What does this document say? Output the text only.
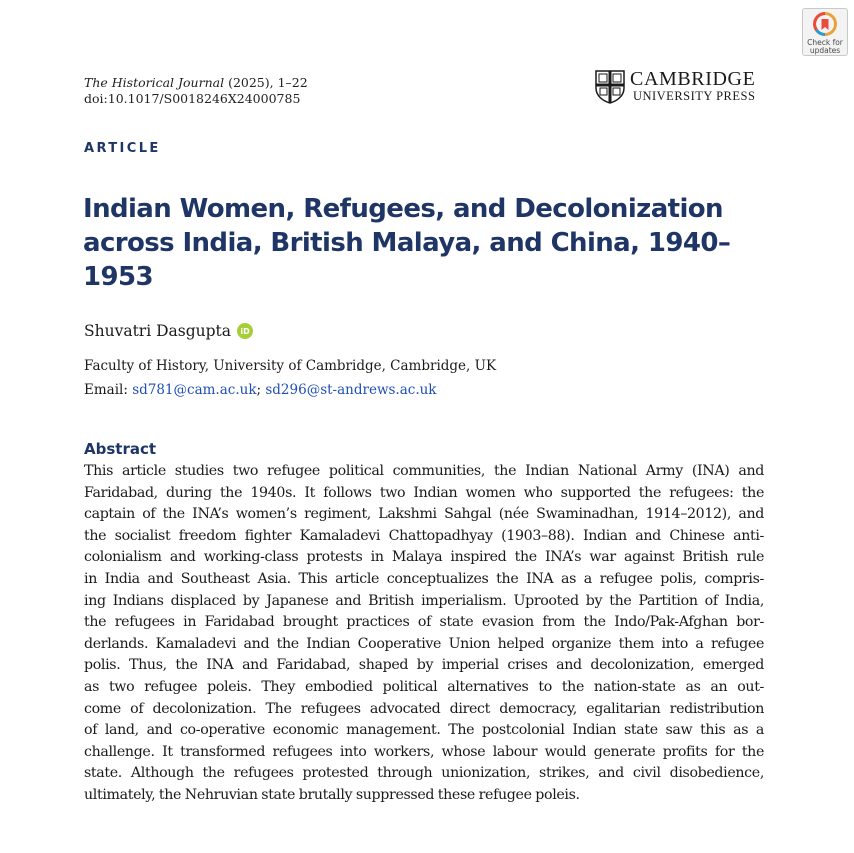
Check for
updates
The Historical Journal (2025), 1–22
doi:10.1017/S0018246X24000785
CAMBRIDGE
UNIVERSITY PRESS
ARTICLE
Indian Women, Refugees, and Decolonization across India, British Malaya, and China, 1940–1953
Shuvatri Dasgupta	iD
Faculty of History, University of Cambridge, Cambridge, UK
Email: sd781@cam.ac.uk; sd296@st-andrews.ac.uk
Abstract
This article studies two refugee political communities, the Indian National Army (INA) and
Faridabad, during the 1940s. It follows two Indian women who supported the refugees: the
captain of the INA’s women’s regiment, Lakshmi Sahgal (née Swaminadhan, 1914–2012), and
the socialist freedom fighter Kamaladevi Chattopadhyay (1903–88). Indian and Chinese anti-
colonialism and working-class protests in Malaya inspired the INA’s war against British rule
in India and Southeast Asia. This article conceptualizes the INA as a refugee polis, compris-
ing Indians displaced by Japanese and British imperialism. Uprooted by the Partition of India,
the refugees in Faridabad brought practices of state evasion from the Indo/Pak-Afghan bor-
derlands. Kamaladevi and the Indian Cooperative Union helped organize them into a refugee
polis. Thus, the INA and Faridabad, shaped by imperial crises and decolonization, emerged
as two refugee poleis. They embodied political alternatives to the nation-state as an out-
come of decolonization. The refugees advocated direct democracy, egalitarian redistribution
of land, and co-operative economic management. The postcolonial Indian state saw this as a
challenge. It transformed refugees into workers, whose labour would generate profits for the
state. Although the refugees protested through unionization, strikes, and civil disobedience,
ultimately, the Nehruvian state brutally suppressed these refugee poleis.
